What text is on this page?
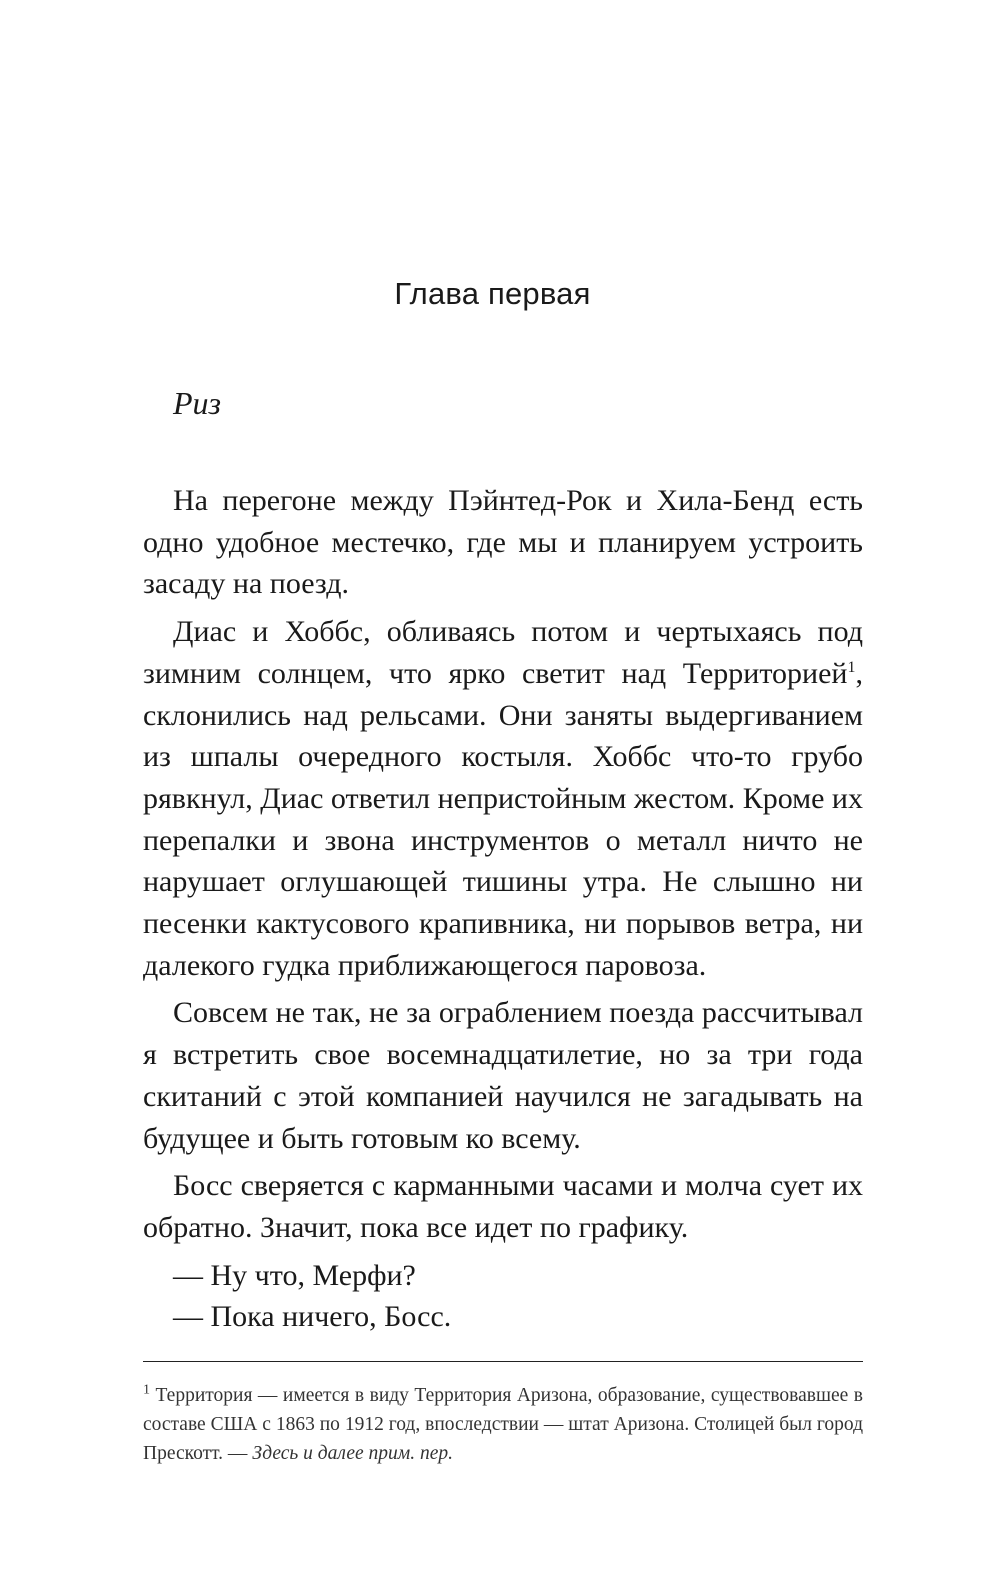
Глава первая

Риз

На перегоне между Пэйнтед-Рок и Хила-Бенд есть одно удобное местечко, где мы и планируем устроить засаду на поезд.

Диас и Хоббс, обливаясь потом и чертыхаясь под зимним солнцем, что ярко светит над Территорией$^1$, склонились над рельсами. Они заняты выдергиванием из шпалы очередного костыля. Хоббс что-то грубо рявкнул, Диас ответил непристойным жестом. Кроме их перепалки и звона инструментов о металл ничто не нарушает оглушающей тишины утра. Не слышно ни песенки кактусового крапивника, ни порывов ветра, ни далекого гудка приближающегося паровоза.

Совсем не так, не за ограблением поезда рассчитывал я встретить свое восемнадцатилетие, но за три года скитаний с этой компанией научился не загадывать на будущее и быть готовым ко всему.

Босс сверяется с карманными часами и молча сует их обратно. Значит, пока все идет по графику.

— Ну что, Мерфи?

— Пока ничего, Босс.

$^1$ Территория — имеется в виду Территория Аризона, образование, существовавшее в составе США с 1863 по 1912 год, впоследствии — штат Аризона. Столицей был город Прескотт. — Здесь и далее прим. пер.
